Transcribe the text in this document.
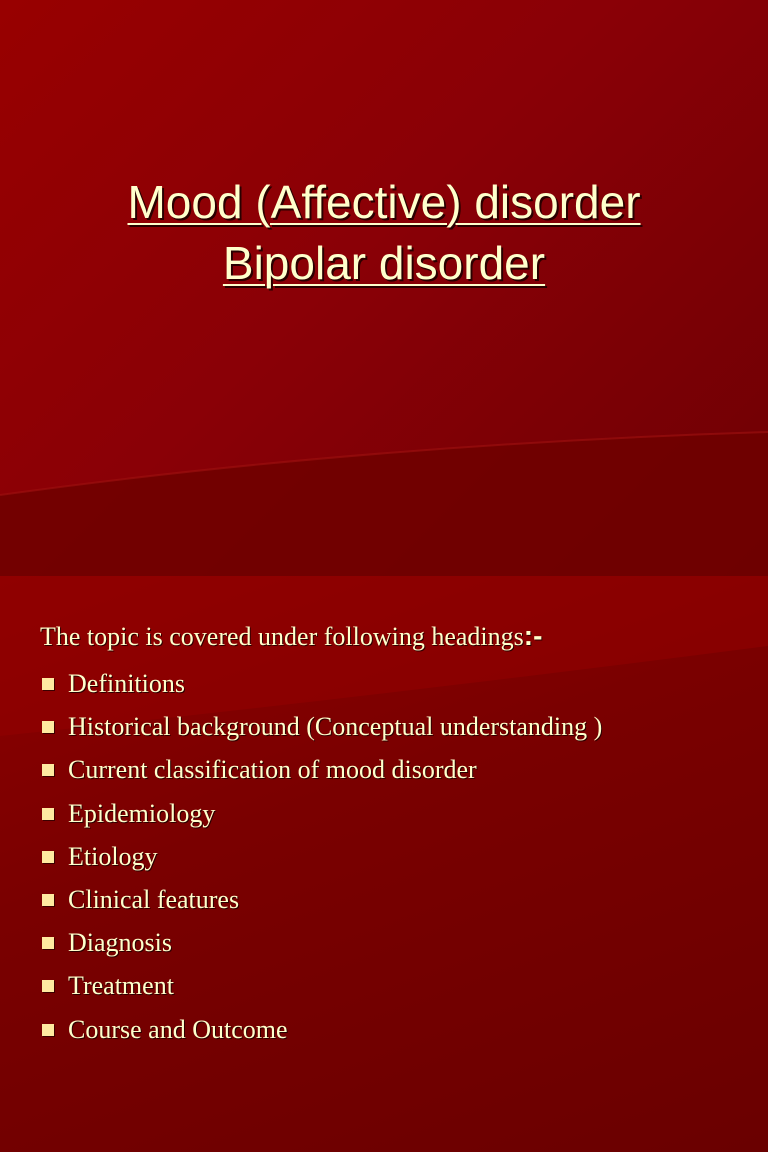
Mood (Affective) disorder
Bipolar disorder
The topic is covered under following headings:-
Definitions
Historical background (Conceptual understanding )
Current classification of mood disorder
Epidemiology
Etiology
Clinical features
Diagnosis
Treatment
Course and Outcome
